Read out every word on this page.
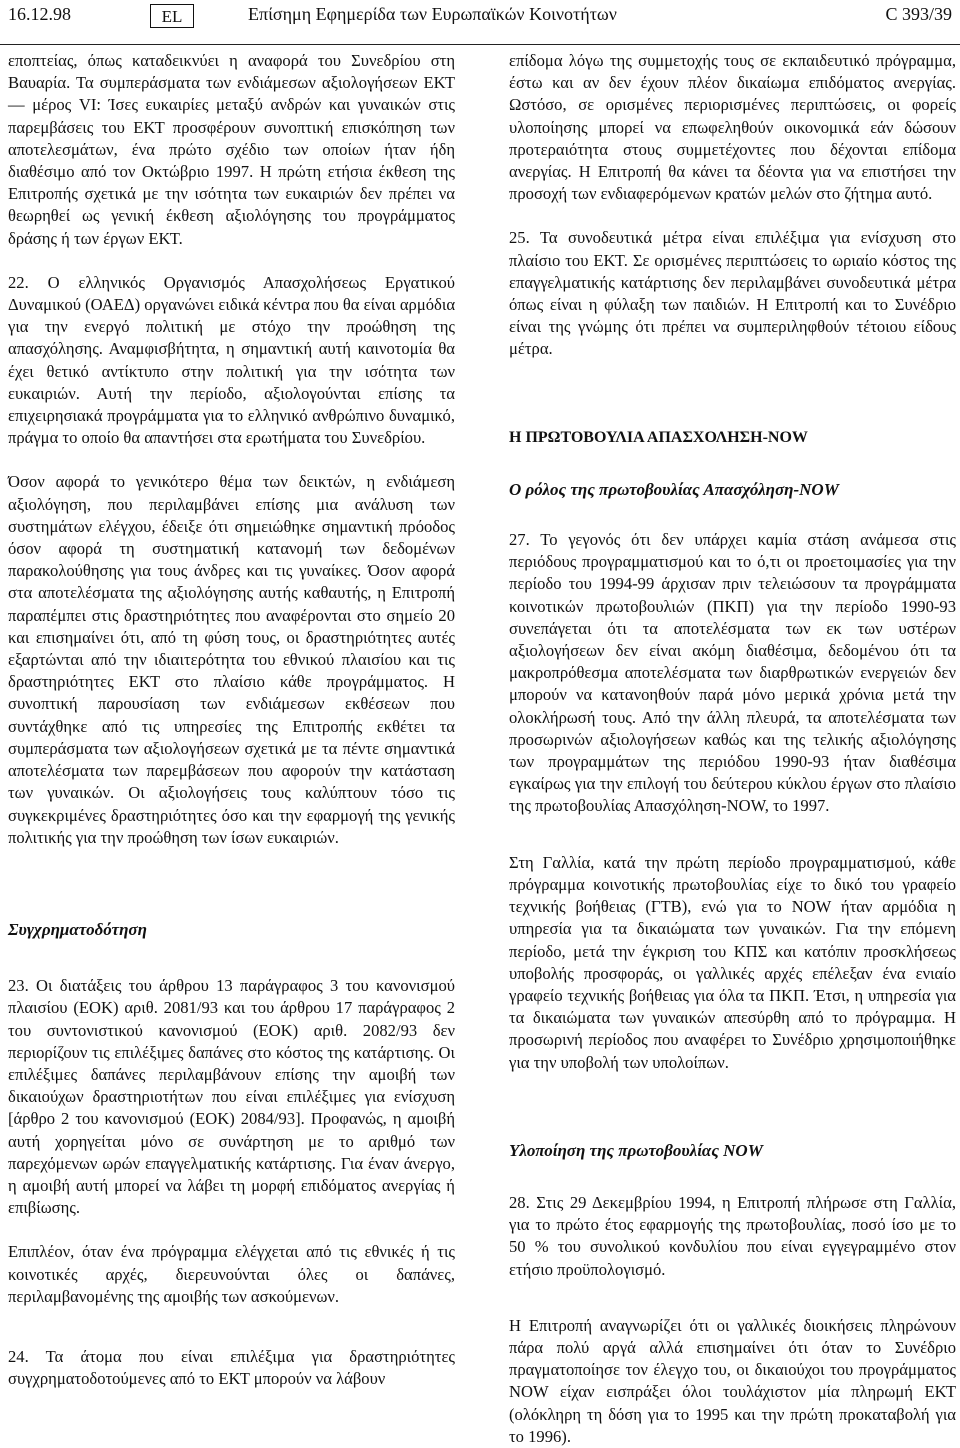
16.12.98	EL	Επίσημη Εφημερίδα των Ευρωπαϊκών Κοινοτήτων	C 393/39

εποπτείας, όπως καταδεικνύει η αναφορά του Συνεδρίου στη Βαυαρία. Τα συμπεράσματα των ενδιάμεσων αξιολογήσεων ΕΚΤ — μέρος VI: Ίσες ευκαιρίες μεταξύ ανδρών και γυναικών στις παρεμβάσεις του ΕΚΤ προσφέρουν συνοπτική επισκόπηση των αποτελεσμάτων, ένα πρώτο σχέδιο των οποίων ήταν ήδη διαθέσιμο από τον Οκτώβριο 1997. Η πρώτη ετήσια έκθεση της Επιτροπής σχετικά με την ισότητα των ευκαιριών δεν πρέπει να θεωρηθεί ως γενική έκθεση αξιολόγησης του προγράμματος δράσης ή των έργων ΕΚΤ.

22. Ο ελληνικός Οργανισμός Απασχολήσεως Εργατικού Δυναμικού (ΟΑΕΔ) οργανώνει ειδικά κέντρα που θα είναι αρμόδια για την ενεργό πολιτική με στόχο την προώθηση της απασχόλησης. Αναμφισβήτητα, η σημαντική αυτή καινοτομία θα έχει θετικό αντίκτυπο στην πολιτική για την ισότητα των ευκαιριών. Αυτή την περίοδο, αξιολογούνται επίσης τα επιχειρησιακά προγράμματα για το ελληνικό ανθρώπινο δυναμικό, πράγμα το οποίο θα απαντήσει στα ερωτήματα του Συνεδρίου.

Όσον αφορά το γενικότερο θέμα των δεικτών, η ενδιάμεση αξιολόγηση, που περιλαμβάνει επίσης μια ανάλυση των συστημάτων ελέγχου, έδειξε ότι σημειώθηκε σημαντική πρόοδος όσον αφορά τη συστηματική κατανομή των δεδομένων παρακολούθησης για τους άνδρες και τις γυναίκες. Όσον αφορά στα αποτελέσματα της αξιολόγησης αυτής καθαυτής, η Επιτροπή παραπέμπει στις δραστηριότητες που αναφέρονται στο σημείο 20 και επισημαίνει ότι, από τη φύση τους, οι δραστηριότητες αυτές εξαρτώνται από την ιδιαιτερότητα του εθνικού πλαισίου και τις δραστηριότητες ΕΚΤ στο πλαίσιο κάθε προγράμματος. Η συνοπτική παρουσίαση των ενδιάμεσων εκθέσεων που συντάχθηκε από τις υπηρεσίες της Επιτροπής εκθέτει τα συμπεράσματα των αξιολογήσεων σχετικά με τα πέντε σημαντικά αποτελέσματα των παρεμβάσεων που αφορούν την κατάσταση των γυναικών. Οι αξιολογήσεις τους καλύπτουν τόσο τις συγκεκριμένες δραστηριότητες όσο και την εφαρμογή της γενικής πολιτικής για την προώθηση των ίσων ευκαιριών.

Συγχρηματοδότηση

23. Οι διατάξεις του άρθρου 13 παράγραφος 3 του κανονισμού πλαισίου (ΕΟΚ) αριθ. 2081/93 και του άρθρου 17 παράγραφος 2 του συντονιστικού κανονισμού (ΕΟΚ) αριθ. 2082/93 δεν περιορίζουν τις επιλέξιμες δαπάνες στο κόστος της κατάρτισης. Οι επιλέξιμες δαπάνες περιλαμβάνουν επίσης την αμοιβή των δικαιούχων δραστηριοτήτων που είναι επιλέξιμες για ενίσχυση [άρθρο 2 του κανονισμού (ΕΟΚ) 2084/93]. Προφανώς, η αμοιβή αυτή χορηγείται μόνο σε συνάρτηση με το αριθμό των παρεχόμενων ωρών επαγγελματικής κατάρτισης. Για έναν άνεργο, η αμοιβή αυτή μπορεί να λάβει τη μορφή επιδόματος ανεργίας ή επιβίωσης.

Επιπλέον, όταν ένα πρόγραμμα ελέγχεται από τις εθνικές ή τις κοινοτικές αρχές, διερευνούνται όλες οι δαπάνες, περιλαμβανομένης της αμοιβής των ασκούμενων.

24. Τα άτομα που είναι επιλέξιμα για δραστηριότητες συγχρηματοδοτούμενες από το ΕΚΤ μπορούν να λάβουν

επίδομα λόγω της συμμετοχής τους σε εκπαιδευτικό πρόγραμμα, έστω και αν δεν έχουν πλέον δικαίωμα επιδόματος ανεργίας. Ωστόσο, σε ορισμένες περιορισμένες περιπτώσεις, οι φορείς υλοποίησης μπορεί να επωφεληθούν οικονομικά εάν δώσουν προτεραιότητα στους συμμετέχοντες που δέχονται επίδομα ανεργίας. Η Επιτροπή θα κάνει τα δέοντα για να επιστήσει την προσοχή των ενδιαφερόμενων κρατών μελών στο ζήτημα αυτό.

25. Τα συνοδευτικά μέτρα είναι επιλέξιμα για ενίσχυση στο πλαίσιο του ΕΚΤ. Σε ορισμένες περιπτώσεις το ωριαίο κόστος της επαγγελματικής κατάρτισης δεν περιλαμβάνει συνοδευτικά μέτρα όπως είναι η φύλαξη των παιδιών. Η Επιτροπή και το Συνέδριο είναι της γνώμης ότι πρέπει να συμπεριληφθούν τέτοιου είδους μέτρα.

Η ΠΡΩΤΟΒΟΥΛΙΑ ΑΠΑΣΧΟΛΗΣΗ-NOW

Ο ρόλος της πρωτοβουλίας Απασχόληση-NOW

27. Το γεγονός ότι δεν υπάρχει καμία στάση ανάμεσα στις περιόδους προγραμματισμού και το ό,τι οι προετοιμασίες για την περίοδο του 1994-99 άρχισαν πριν τελειώσουν τα προγράμματα κοινοτικών πρωτοβουλιών (ΠΚΠ) για την περίοδο 1990-93 συνεπάγεται ότι τα αποτελέσματα των εκ των υστέρων αξιολογήσεων δεν είναι ακόμη διαθέσιμα, δεδομένου ότι τα μακροπρόθεσμα αποτελέσματα των διαρθρωτικών ενεργειών δεν μπορούν να κατανοηθούν παρά μόνο μερικά χρόνια μετά την ολοκλήρωσή τους. Από την άλλη πλευρά, τα αποτελέσματα των προσωρινών αξιολογήσεων καθώς και της τελικής αξιολόγησης των προγραμμάτων της περιόδου 1990-93 ήταν διαθέσιμα εγκαίρως για την επιλογή του δεύτερου κύκλου έργων στο πλαίσιο της πρωτοβουλίας Απασχόληση-NOW, το 1997.

Στη Γαλλία, κατά την πρώτη περίοδο προγραμματισμού, κάθε πρόγραμμα κοινοτικής πρωτοβουλίας είχε το δικό του γραφείο τεχνικής βοήθειας (ΓΤΒ), ενώ για το NOW ήταν αρμόδια η υπηρεσία για τα δικαιώματα των γυναικών. Για την επόμενη περίοδο, μετά την έγκριση του ΚΠΣ και κατόπιν προσκλήσεως υποβολής προσφοράς, οι γαλλικές αρχές επέλεξαν ένα ενιαίο γραφείο τεχνικής βοήθειας για όλα τα ΠΚΠ. Έτσι, η υπηρεσία για τα δικαιώματα των γυναικών απεσύρθη από το πρόγραμμα. Η προσωρινή περίοδος που αναφέρει το Συνέδριο χρησιμοποιήθηκε για την υποβολή των υπολοίπων.

Υλοποίηση της πρωτοβουλίας NOW

28. Στις 29 Δεκεμβρίου 1994, η Επιτροπή πλήρωσε στη Γαλλία, για το πρώτο έτος εφαρμογής της πρωτοβουλίας, ποσό ίσο με το 50 % του συνολικού κονδυλίου που είναι εγγεγραμμένο στον ετήσιο προϋπολογισμό.

Η Επιτροπή αναγνωρίζει ότι οι γαλλικές διοικήσεις πληρώνουν πάρα πολύ αργά αλλά επισημαίνει ότι όταν το Συνέδριο πραγματοποίησε τον έλεγχο του, οι δικαιούχοι του προγράμματος NOW είχαν εισπράξει όλοι τουλάχιστον μία πληρωμή ΕΚΤ (ολόκληρη τη δόση για το 1995 και την πρώτη προκαταβολή για το 1996).
